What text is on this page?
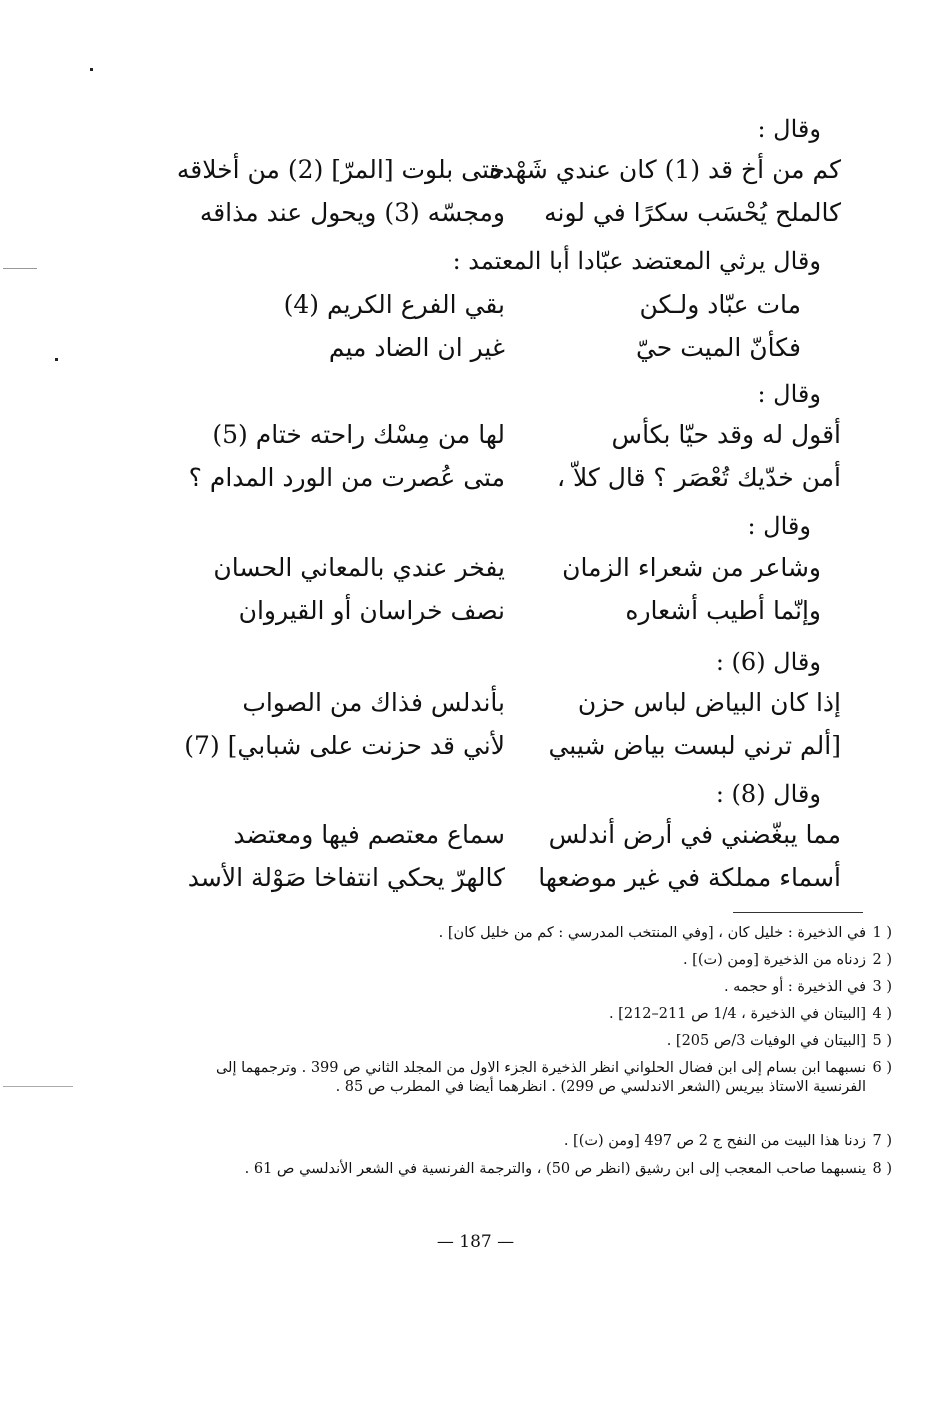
وقال :
كم من أخ قد (1) كان عندي شَهْدة
حتى بلوت [المرّ] (2) من أخلاقه
كالملح يُحْسَب سكرًا في لونه
ومجسّه (3) ويحول عند مذاقه
وقال يرثي المعتضد عبّادا أبا المعتمد :
مات عبّاد ولـكن
بقي الفرع الكريم (4)
فكأنّ الميت حيّ
غير ان الضاد ميم
وقال :
أقول له وقد حيّا بكأس
لها من مِسْك راحته ختام (5)
أمن خدّيك تُعْصَر ؟ قال كلاّ ،
متى عُصرت من الورد المدام ؟
وقال :
وشاعر من شعراء الزمان
يفخر عندي بالمعاني الحسان
وإنّما أطيب أشعاره
نصف خراسان أو القيروان
وقال (6) :
إذا كان البياض لباس حزن
بأندلس فذاك من الصواب
[ألم ترني لبست بياض شيبي
لأني قد حزنت على شبابي] (7)
وقال (8) :
مما يبغّضني في أرض أندلس
سماع معتصم فيها ومعتضد
أسماء مملكة في غير موضعها
كالهرّ يحكي انتفاخا صَوْلة الأسد
1 )
في الذخيرة : خليل كان ، [وفي المنتخب المدرسي : كم من خليل كان] .
2 )
زدناه من الذخيرة [ومن (ت)] .
3 )
في الذخيرة : أو حجمه .
4 )
[البيتان في الذخيرة ، 1/4 ص 211–212] .
5 )
[البيتان في الوفيات 3/ص 205] .
6 )
نسبهما ابن بسام إلى ابن فضال الحلواني انظر الذخيرة الجزء الاول من المجلد الثاني ص 399 . وترجمهما إلى الفرنسية الاستاذ بيريس (الشعر الاندلسي ص 299) . انظرهما أيضا في المطرب ص 85 .
7 )
زدنا هذا البيت من النفح ج 2 ص 497 [ومن (ت)] .
8 )
ينسبهما صاحب المعجب إلى ابن رشيق (انظر ص 50) ، والترجمة الفرنسية في الشعر الأندلسي ص 61 .
— 187 —
